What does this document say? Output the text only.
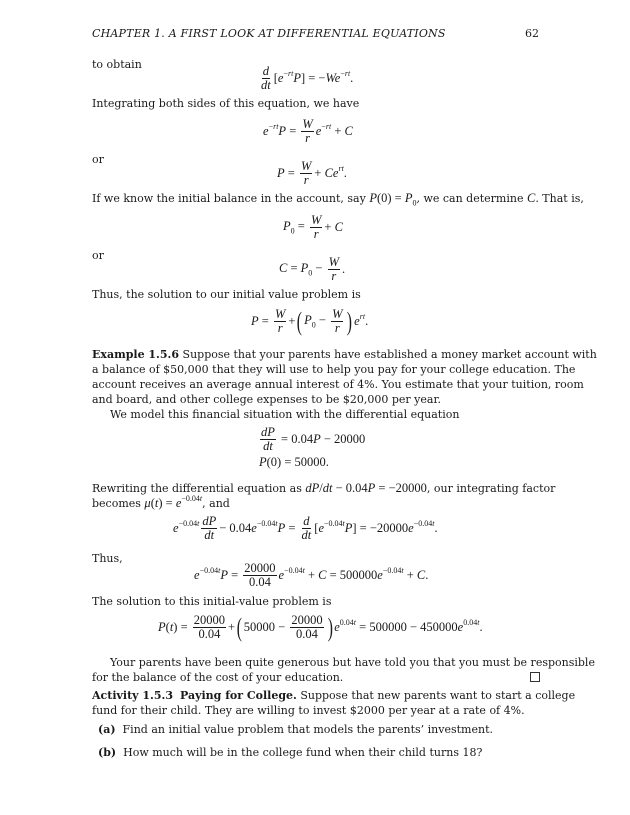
CHAPTER 1. A FIRST LOOK AT DIFFERENTIAL EQUATIONS	62
to obtain
$\frac{d}{dt} [e^{-rt}P] = -We^{-rt}$.
Integrating both sides of this equation, we have
$e^{-rt}P = \frac{W}{r} e^{-rt} + C$
or
$P = \frac{W}{r} + Ce^{rt}$.
If we know the initial balance in the account, say $P(0) = P_0$, we can determine C. That is,
$P_0 = \frac{W}{r} + C$
or
$C = P_0 - \frac{W}{r}$ .
Thus, the solution to our initial value problem is
$P = \frac{W}{r}$ + ( $P_0 - \frac{W}{r}$ ) $e^{rt}$.
Example 1.5.6 Suppose that your parents have established a money market account with
a balance of $50,000 that they will use to help you pay for your college education. The
account receives an average annual interest of 4%. You estimate that your tuition, room
and board, and other college expenses to be $20,000 per year.
We model this financial situation with the differential equation
$\frac{dP}{dt} = 0.04P - 20000$
P(0) = 50000.
Rewriting the differential equation as dP/dt − 0.04P = −20000, our integrating factor
becomes $\mu(t) = e^{-0.04t}$, and
$e^{-0.04t} \frac{dP}{dt} - 0.04e^{-0.04t}P = \frac{d}{dt} [e^{-0.04t}P] = -20000e^{-0.04t}$.
Thus,
$e^{-0.04t}P = \frac{20000}{0.04} e^{-0.04t} + C = 500000e^{-0.04t} + C$.
The solution to this initial-value problem is
$P(t) = \frac{20000}{0.04}$ + ( $50000 - \frac{20000}{0.04}$ ) $e^{0.04t} = 500000 - 450000e^{0.04t}$.
Your parents have been quite generous but have told you that you must be responsible
for the balance of the cost of your education.
Activity 1.5.3 Paying for College. Suppose that new parents want to start a college
fund for their child. They are willing to invest $2000 per year at a rate of 4%.
(a) Find an initial value problem that models the parents’ investment.
(b) How much will be in the college fund when their child turns 18?
